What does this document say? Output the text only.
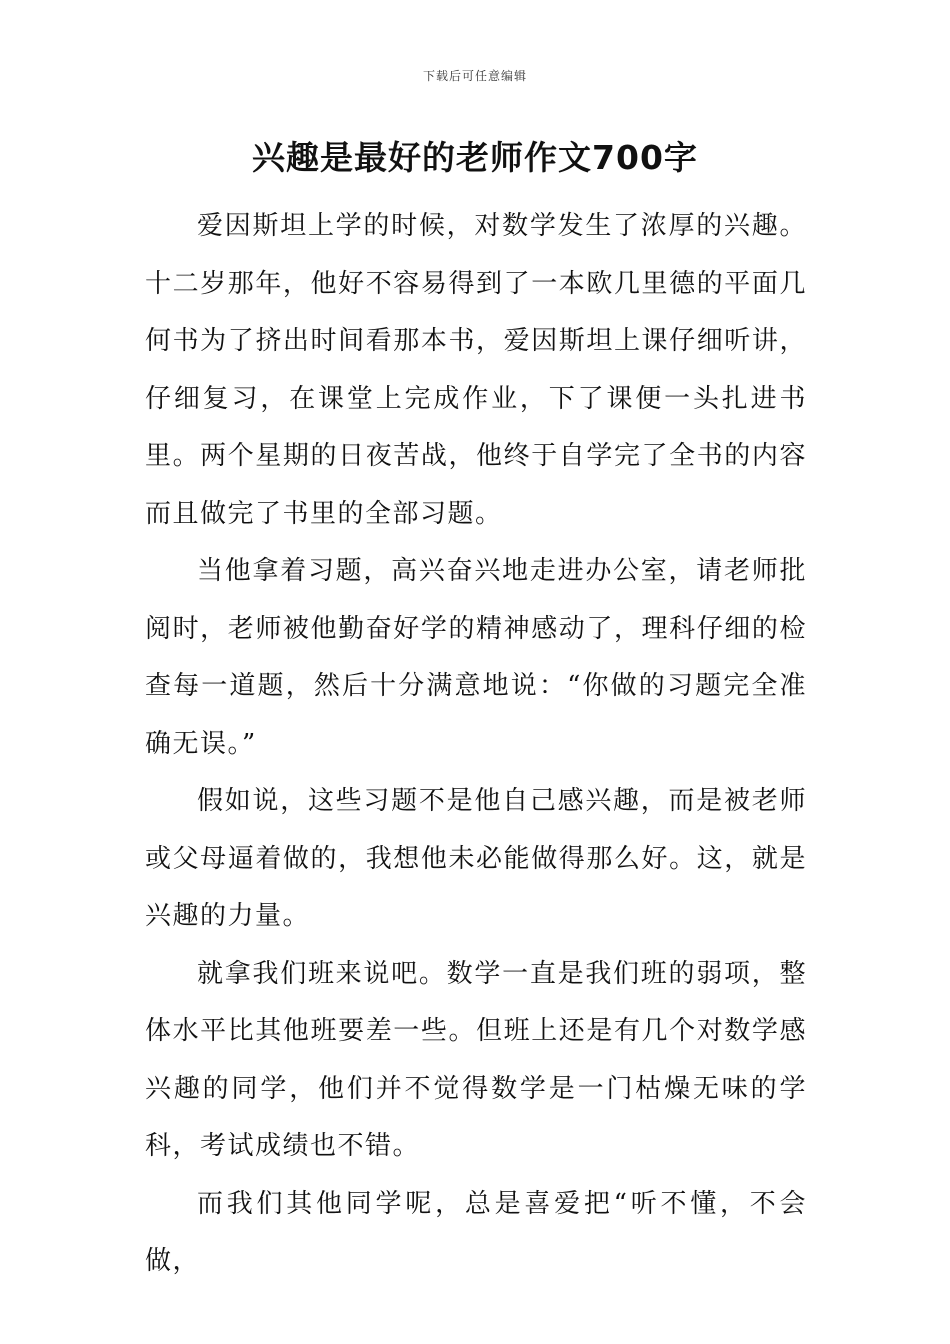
下载后可任意编辑
兴趣是最好的老师作文700字

爱因斯坦上学的时候，对数学发生了浓厚的兴趣。十二岁那年，他好不容易得到了一本欧几里德的平面几何书为了挤出时间看那本书，爱因斯坦上课仔细听讲，仔细复习，在课堂上完成作业，下了课便一头扎进书里。两个星期的日夜苦战，他终于自学完了全书的内容而且做完了书里的全部习题。

当他拿着习题，高兴奋兴地走进办公室，请老师批阅时，老师被他勤奋好学的精神感动了，理科仔细的检查每一道题，然后十分满意地说：“你做的习题完全准确无误。”

假如说，这些习题不是他自己感兴趣，而是被老师或父母逼着做的，我想他未必能做得那么好。这，就是兴趣的力量。

就拿我们班来说吧。数学一直是我们班的弱项，整体水平比其他班要差一些。但班上还是有几个对数学感兴趣的同学，他们并不觉得数学是一门枯燥无味的学科，考试成绩也不错。

而我们其他同学呢，总是喜爱把“听不懂，不会做，
